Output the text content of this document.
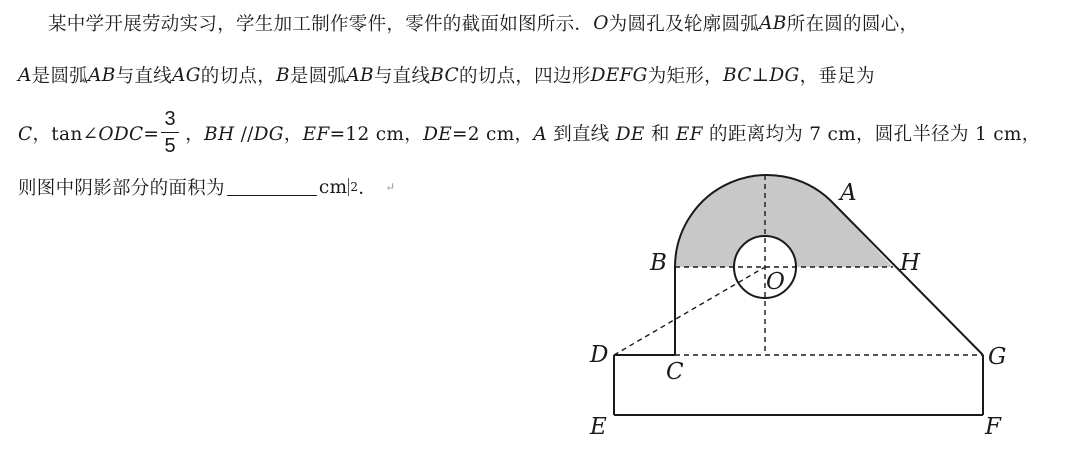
某中学开展劳动实习，学生加工制作零件，零件的截面如图所示． O 为圆孔及轮廓圆弧 AB 所在圆的圆心，
A 是圆弧 AB 与直线 AG 的切点， B 是圆弧 AB 与直线 BC 的切点，四边形 DEFG 为矩形， BC ⊥ DG ，垂足为
C，tan∠ODC= $\frac{3}{5}$ ，BH //DG，EF=12 cm，DE=2 cm，A 到直线 DE 和 EF 的距离均为 7 cm，圆孔半径为 1 cm，
则图中阴影部分的面积为	cm 2 ． ↵	A
B	H
O
D
C
G
E	F
